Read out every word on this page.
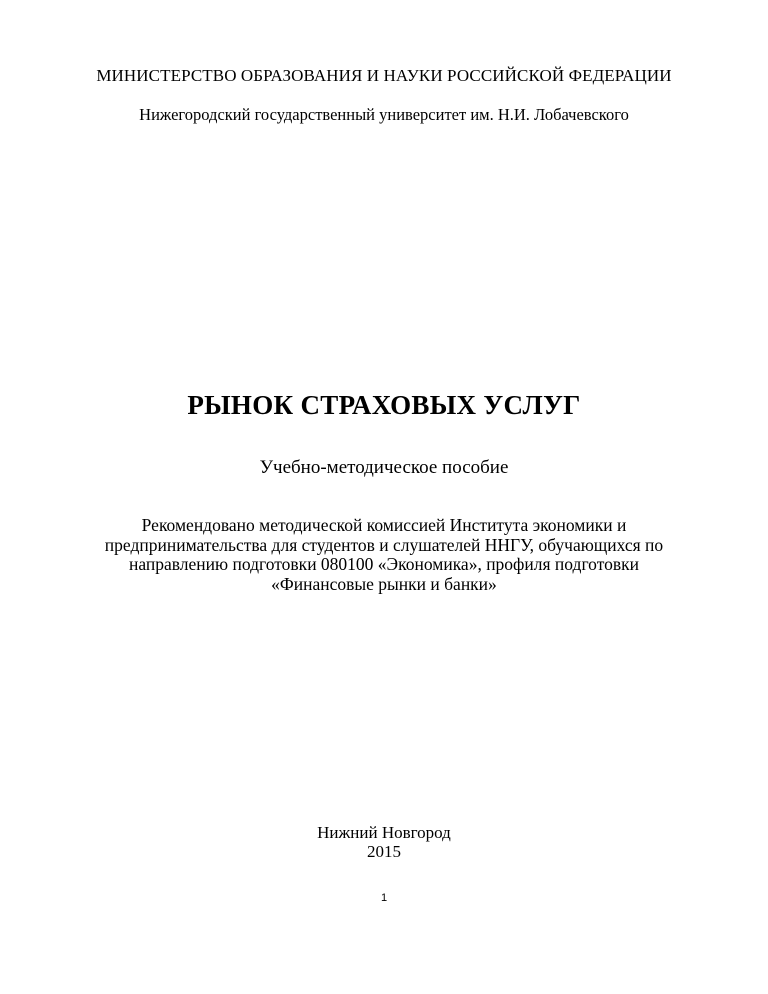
МИНИСТЕРСТВО ОБРАЗОВАНИЯ И НАУКИ РОССИЙСКОЙ ФЕДЕРАЦИИ
Нижегородский государственный университет им. Н.И. Лобачевского
РЫНОК СТРАХОВЫХ УСЛУГ
Учебно-методическое пособие
Рекомендовано методической комиссией Института экономики и
предпринимательства для студентов и слушателей ННГУ, обучающихся по
направлению подготовки 080100 «Экономика», профиля подготовки
«Финансовые рынки и банки»
Нижний Новгород
2015
1
